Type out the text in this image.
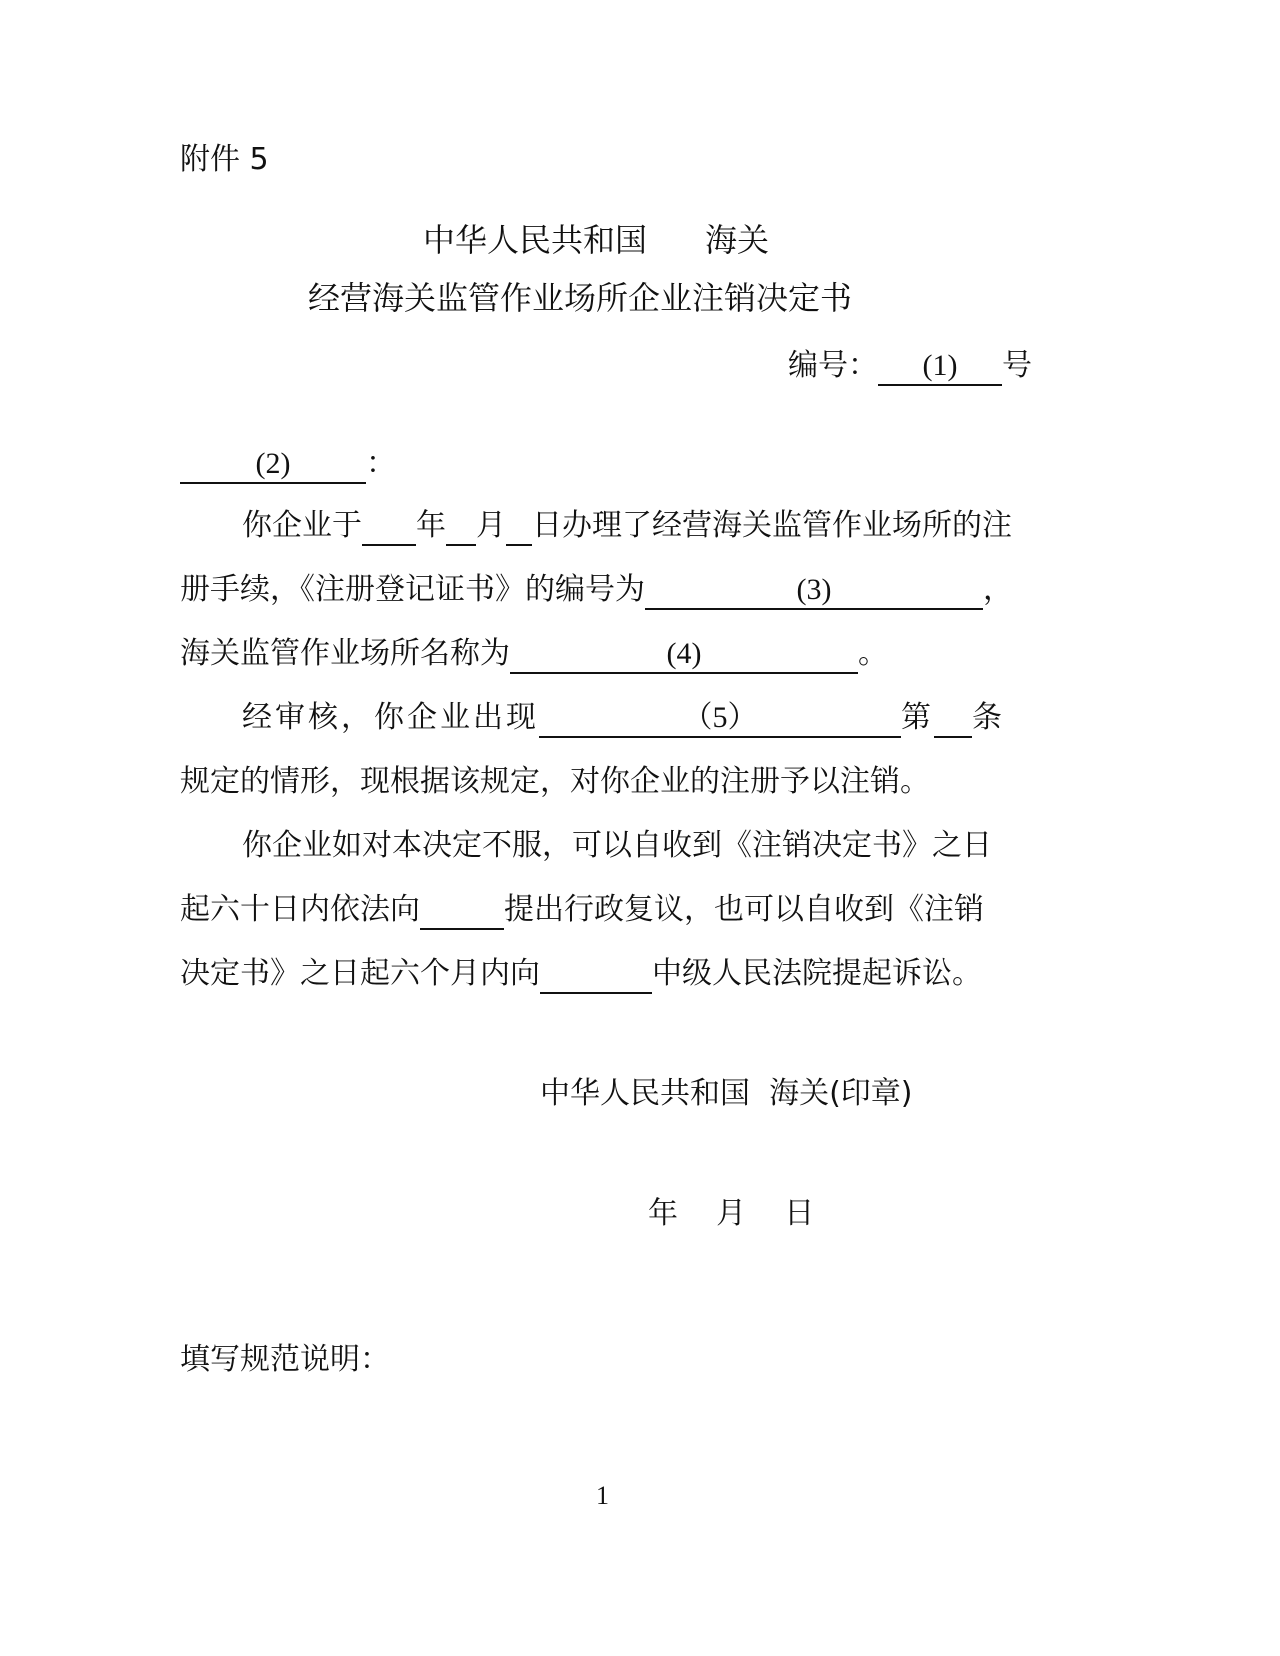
附件 5
中华人民共和国 海关
经营海关监管作业场所企业注销决定书
编号： (1) 号
(2)	：
你企业于 年 月 日办理了经营海关监管作业场所的注
册手续，《注册登记证书》的编号为	(3)	，
海关监管作业场所名称为	(4)	。
经审核，你企业出现	（5）	第 条
规定的情形，现根据该规定，对你企业的注册予以注销。
你企业如对本决定不服，可以自收到《注销决定书》之日
起六十日内依法向	提出行政复议，也可以自收到《注销
决定书》之日起六个月内向	中级人民法院提起诉讼。
中华人民共和国  海关(印章)
年    月    日
填写规范说明：
1
